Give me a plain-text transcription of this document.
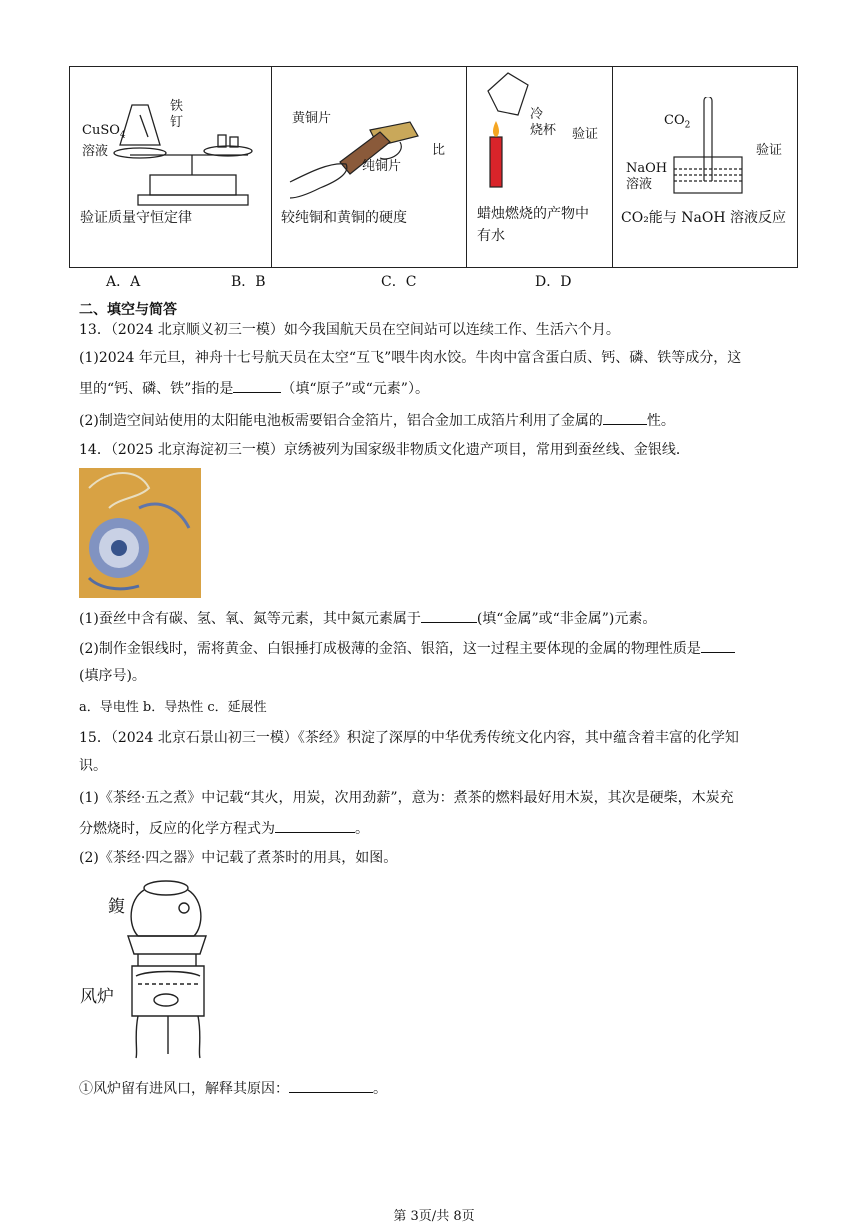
铁
钉
CuSO$_4$
溶液
验证质量守恒定律
黄铜片
纯铜片
比
较纯铜和黄铜的硬度
冷
烧杯 验证
蜡烛燃烧的产物中
有水
$CO_2$
NaOH
溶液
验证
CO₂能与 NaOH 溶液反应
A．A	B．B	C．C	D．D
二、填空与简答
13．（2024 北京顺义初三一模）如今我国航天员在空间站可以连续工作、生活六个月。
(1)2024 年元旦，神舟十七号航天员在太空“互飞”喂牛肉水饺。牛肉中富含蛋白质、钙、磷、铁等成分，这
里的“钙、磷、铁”指的是	（填“原子”或“元素”）。
(2)制造空间站使用的太阳能电池板需要铝合金箔片，铝合金加工成箔片利用了金属的	性。
14．（2025 北京海淀初三一模）京绣被列为国家级非物质文化遗产项目，常用到蚕丝线、金银线．
(1)蚕丝中含有碳、氢、氧、氮等元素，其中氮元素属于	(填“金属”或“非金属”)元素。
(2)制作金银线时，需将黄金、白银捶打成极薄的金箔、银箔，这一过程主要体现的金属的物理性质是
(填序号)。
a．导电性 b．导热性 c．延展性
15．（2024 北京石景山初三一模）《茶经》积淀了深厚的中华优秀传统文化内容，其中蕴含着丰富的化学知
识。
(1)《茶经·五之煮》中记载“其火，用炭，次用劲薪”，意为：煮茶的燃料最好用木炭，其次是硬柴，木炭充
分燃烧时，反应的化学方程式为	。
(2)《茶经·四之器》中记载了煮茶时的用具，如图。
鍑
风炉
①风炉留有进风口，解释其原因：	。
第 3页/共 8页
